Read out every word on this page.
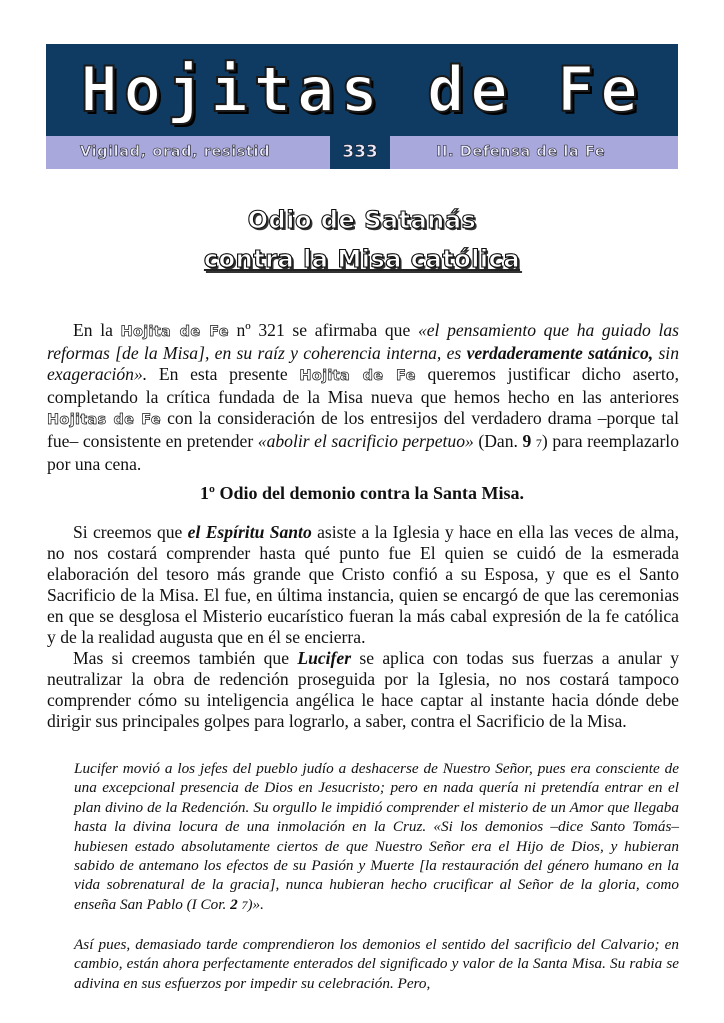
Hojitas de Fe
Vigilad, orad, resistid	333	II. Defensa de la Fe
Odio de Satanás
contra la Misa católica

En la Hojita de Fe nº 321 se afirmaba que «el pensamiento que ha guiado las reformas [de la Misa], en su raíz y coherencia interna, es verdaderamente satánico, sin exageración». En esta presente Hojita de Fe queremos justificar dicho aserto, completando la crítica fundada de la Misa nueva que hemos hecho en las anteriores Hojitas de Fe con la consideración de los entresijos del verdadero drama –porque tal fue– consistente en pretender «abolir el sacrificio perpetuo» (Dan. 9 7) para reemplazarlo por una cena.

1º Odio del demonio contra la Santa Misa.

Si creemos que el Espíritu Santo asiste a la Iglesia y hace en ella las veces de alma, no nos costará comprender hasta qué punto fue El quien se cuidó de la esmerada elaboración del tesoro más grande que Cristo confió a su Esposa, y que es el Santo Sacrificio de la Misa. El fue, en última instancia, quien se encargó de que las ceremonias en que se desglosa el Misterio eucarístico fueran la más cabal expresión de la fe católica y de la realidad augusta que en él se encierra.

Mas si creemos también que Lucifer se aplica con todas sus fuerzas a anular y neutralizar la obra de redención proseguida por la Iglesia, no nos costará tampoco comprender cómo su inteligencia angélica le hace captar al instante hacia dónde debe dirigir sus principales golpes para lograrlo, a saber, contra el Sacrificio de la Misa.

Lucifer movió a los jefes del pueblo judío a deshacerse de Nuestro Señor, pues era consciente de una excepcional presencia de Dios en Jesucristo; pero en nada quería ni pretendía entrar en el plan divino de la Redención. Su orgullo le impidió comprender el misterio de un Amor que llegaba hasta la divina locura de una inmolación en la Cruz. «Si los demonios –dice Santo Tomás– hubiesen estado absolutamente ciertos de que Nuestro Señor era el Hijo de Dios, y hubieran sabido de antemano los efectos de su Pasión y Muerte [la restauración del género humano en la vida sobrenatural de la gracia], nunca hubieran hecho crucificar al Señor de la gloria, como enseña San Pablo (I Cor. 2 7)».
Así pues, demasiado tarde comprendieron los demonios el sentido del sacrificio del Calvario; en cambio, están ahora perfectamente enterados del significado y valor de la Santa Misa. Su rabia se adivina en sus esfuerzos por impedir su celebración. Pero,
